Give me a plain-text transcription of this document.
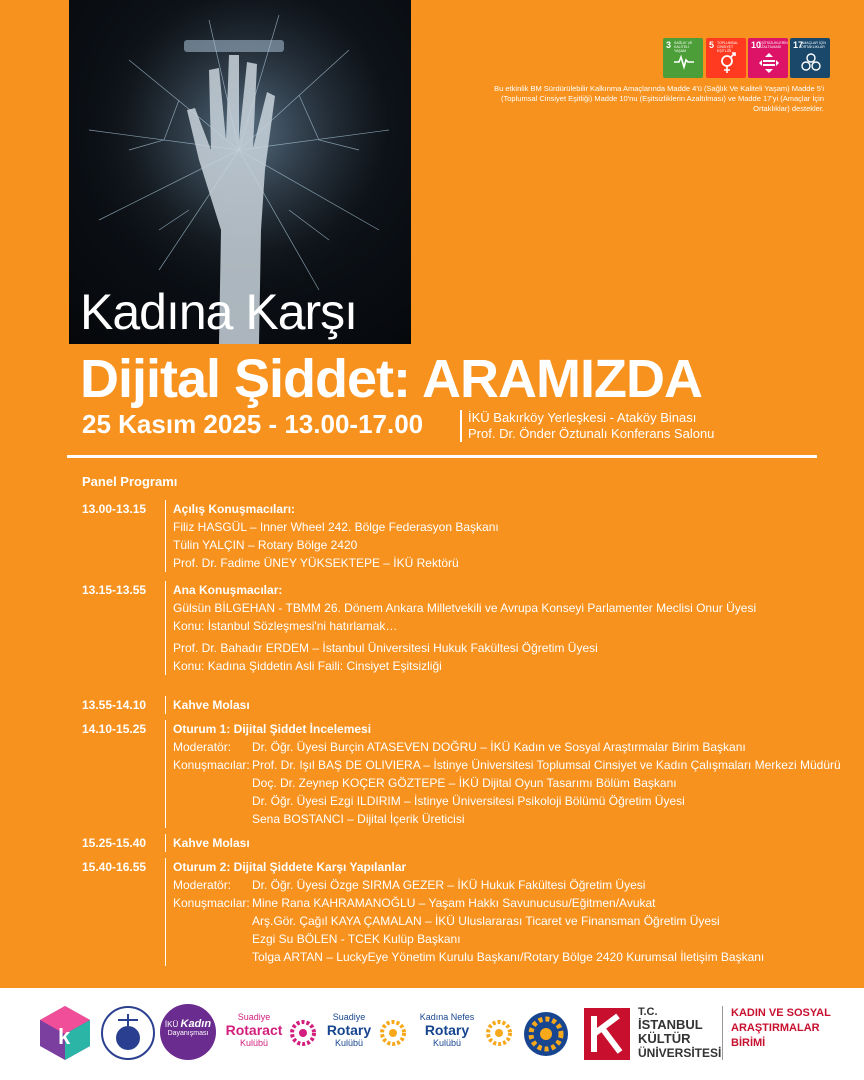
3 SAĞLIK VE KALİTELİ YAŞAM
5 TOPLUMSAL CİNSİYET EŞİTLİĞİ
10
EŞİTSİZLİKLERİN AZALTILMASI	17
AMAÇLAR İÇİN ORTAKLIKLAR
Bu etkinlik BM Sürdürülebilir Kalkınma Amaçlarında Madde 4'ü (Sağlık Ve Kaliteli Yaşam) Madde 5'i (Toplumsal Cinsiyet Eşitliği) Madde 10'nu (Eşitsizliklerin Azaltılması) ve Madde 17'yi (Amaçlar İçin Ortaklıklar) destekler.
Kadına Karşı
Dijital Şiddet: ARAMIZDA
25 Kasım 2025 - 13.00-17.00	İKÜ Bakırköy Yerleşkesi - Ataköy Binası
Prof. Dr. Önder Öztunalı Konferans Salonu
Panel Programı
13.00-13.15	Açılış Konuşmacıları:
Filiz HASGÜL – Inner Wheel 242. Bölge Federasyon Başkanı
Tülin YALÇIN – Rotary Bölge 2420
Prof. Dr. Fadime ÜNEY YÜKSEKTEPE – İKÜ Rektörü
13.15-13.55	Ana Konuşmacılar:
Gülsün BİLGEHAN - TBMM 26. Dönem Ankara Milletvekili ve Avrupa Konseyi Parlamenter Meclisi Onur Üyesi
Konu: İstanbul Sözleşmesi'ni hatırlamak…
Prof. Dr. Bahadır ERDEM – İstanbul Üniversitesi Hukuk Fakültesi Öğretim Üyesi
Konu: Kadına Şiddetin Asli Faili: Cinsiyet Eşitsizliği
13.55-14.10	Kahve Molası
14.10-15.25	Oturum 1: Dijital Şiddet İncelemesi
Moderatör:	Dr. Öğr. Üyesi Burçin ATASEVEN DOĞRU – İKÜ Kadın ve Sosyal Araştırmalar Birim Başkanı
Konuşmacılar: Prof. Dr. Işıl BAŞ DE OLIVIERA – İstinye Üniversitesi Toplumsal Cinsiyet ve Kadın Çalışmaları Merkezi Müdürü
Doç. Dr. Zeynep KOÇER GÖZTEPE – İKÜ Dijital Oyun Tasarımı Bölüm Başkanı
Dr. Öğr. Üyesi Ezgi ILDIRIM – İstinye Üniversitesi Psikoloji Bölümü Öğretim Üyesi
Sena BOSTANCI – Dijital İçerik Üreticisi
15.25-15.40	Kahve Molası
15.40-16.55	Oturum 2: Dijital Şiddete Karşı Yapılanlar
Moderatör:	Dr. Öğr. Üyesi Özge SIRMA GEZER – İKÜ Hukuk Fakültesi Öğretim Üyesi
Konuşmacılar: Mine Rana KAHRAMANOĞLU – Yaşam Hakkı Savunucusu/Eğitmen/Avukat
Arş.Gör. Çağıl KAYA ÇAMALAN – İKÜ Uluslararası Ticaret ve Finansman Öğretim Üyesi
Ezgi Su BÖLEN - TCEK Kulüp Başkanı
Tolga ARTAN – LuckyEye Yönetim Kurulu Başkanı/Rotary Bölge 2420 Kurumsal İletişim Başkanı
k	İKÜ Kadın
Dayanışması
Suadiye
Rotaract
Kulübü
Suadiye
Rotary
Kulübü
Kadına Nefes
Rotary
Kulübü
T.C.
İSTANBUL
KÜLTÜR
ÜNİVERSİTESİ
KADIN VE SOSYAL
ARAŞTIRMALAR
BİRİMİ
